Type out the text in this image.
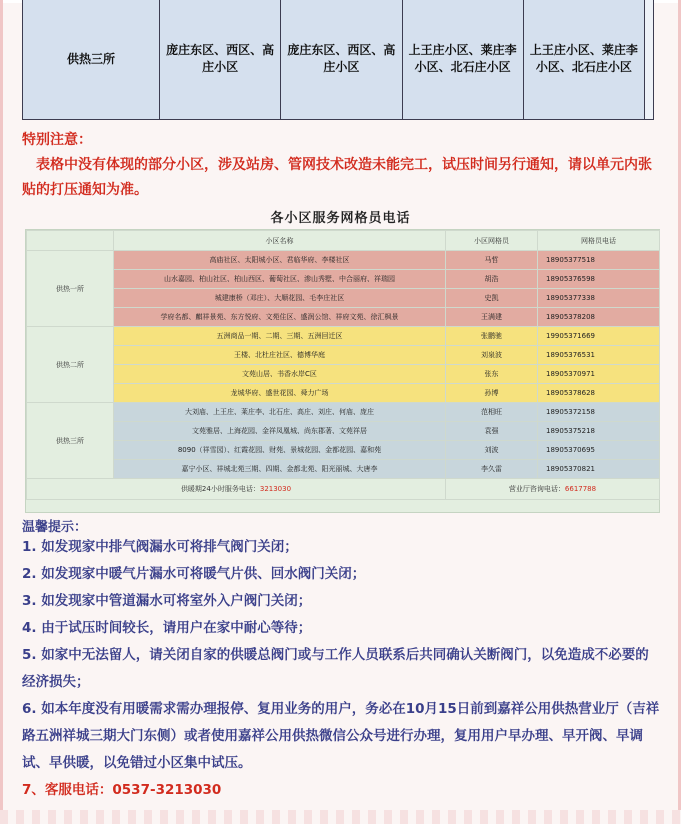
供热三所	庞庄东区、西区、高庄小区	庞庄东区、西区、高庄小区	上王庄小区、莱庄李小区、北石庄小区	上王庄小区、莱庄李小区、北石庄小区	
特别注意：
表格中没有体现的部分小区，涉及站房、管网技术改造未能完工，试压时间另行通知，请以单元内张贴的打压通知为准。
各小区服务网格员电话
	小区名称	小区网格员	网格员电话
供热一所	高庙社区、太阳城小区、君临华府、李楼社区	马哲	18905377518
	山水嘉园、柏山社区、柏山西区、葡萄社区、渗山秀墅、中合丽府、祥瑞园	胡浩	18905376598
	城建康桥（邓庄）、大顺花园、毛李庄社区	史凯	18905377338
	学府名都、麒祥景苑、东方悦府、文苑住区、盛润公馆、祥府文苑、徐汇枫景	王满建	18905378208
供热二所	五洲商品一期、二期、三期、五洲回迁区	张鹏驰	19905371669
	王楼、北杜庄社区、德博华庭	刘泉波	18905376531
	文苑山居、书香水岸C区	张东	18905370971
	龙城华府、盛世花园、舜力广场	孙博	18905378628
供热三所	大刘庙、上王庄、莱庄李、北石庄、高庄、刘庄、何庙、庞庄	范相旺	18905372158
	文苑雅居、上海花园、金祥凤凰城、尚东郡著、文苑祥居	袁强	18905375218
	8090（祥雪园）、红霞花园、财苑、景城花园、金都花园、嘉和苑	刘波	18905370695
	嘉宁小区、祥城北苑三期、四期、金都北苑、阳光丽城、大唐李	李久雷	18905370821
供暖期24小时服务电话：3213030		营业厅咨询电话：6617788	
温馨提示：
1. 如发现家中排气阀漏水可将排气阀门关闭；
2. 如发现家中暖气片漏水可将暖气片供、回水阀门关闭；
3. 如发现家中管道漏水可将室外入户阀门关闭；
4. 由于试压时间较长，请用户在家中耐心等待；
5. 如家中无法留人，请关闭自家的供暖总阀门或与工作人员联系后共同确认关断阀门，以免造成不必要的经济损失；
6. 如本年度没有用暖需求需办理报停、复用业务的用户，务必在10月15日前到嘉祥公用供热营业厅（吉祥路五洲祥城三期大门东侧）或者使用嘉祥公用供热微信公众号进行办理，复用用户早办理、早开阀、早调试、早供暖，以免错过小区集中试压。
7、客服电话：0537-3213030
